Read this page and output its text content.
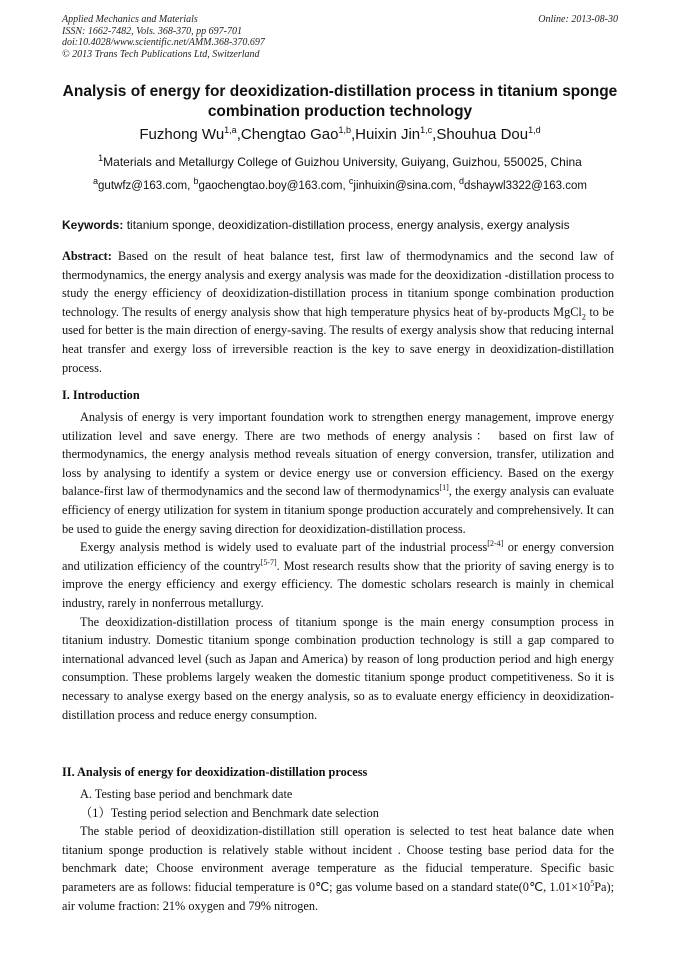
Applied Mechanics and Materials
ISSN: 1662-7482, Vols. 368-370, pp 697-701
doi:10.4028/www.scientific.net/AMM.368-370.697
© 2013 Trans Tech Publications Ltd, Switzerland
Online: 2013-08-30
Analysis of energy for deoxidization-distillation process in titanium sponge combination production technology
Fuzhong Wu$^{1,a}$,Chengtao Gao$^{1,b}$,Huixin Jin$^{1,c}$,Shouhua Dou$^{1,d}$
$^1$Materials and Metallurgy College of Guizhou University, Guiyang, Guizhou, 550025, China
$^a$gutwfz@163.com, $^b$gaochengtao.boy@163.com, $^c$jinhuixin@sina.com, $^d$dshaywl3322@163.com
Keywords: titanium sponge, deoxidization-distillation process, energy analysis, exergy analysis

Abstract: Based on the result of heat balance test, first law of thermodynamics and the second law of thermodynamics, the energy analysis and exergy analysis was made for the deoxidization -distillation process to study the energy efficiency of deoxidization-distillation process in titanium sponge combination production technology. The results of energy analysis show that high temperature physics heat of by-products MgCl$_2$ to be used for better is the main direction of energy-saving. The results of exergy analysis show that reducing internal heat transfer and exergy loss of irreversible reaction is the key to save energy in deoxidization-distillation process.

I. Introduction

Analysis of energy is very important foundation work to strengthen energy management, improve energy utilization level and save energy. There are two methods of energy analysis： based on first law of thermodynamics, the energy analysis method reveals situation of energy conversion, transfer, utilization and loss by analysing to identify a system or device energy use or conversion efficiency. Based on the exergy balance-first law of thermodynamics and the second law of thermodynamics[1], the exergy analysis can evaluate efficiency of energy utilization for system in titanium sponge production accurately and comprehensively. It can be used to guide the energy saving direction for deoxidization-distillation process.

Exergy analysis method is widely used to evaluate part of the industrial process[2-4] or energy conversion and utilization efficiency of the country[5-7]. Most research results show that the priority of saving energy is to improve the energy efficiency and exergy efficiency. The domestic scholars research is mainly in chemical industry, rarely in nonferrous metallurgy.

The deoxidization-distillation process of titanium sponge is the main energy consumption process in titanium industry. Domestic titanium sponge combination production technology is still a gap compared to international advanced level (such as Japan and America) by reason of long production period and high energy consumption. These problems largely weaken the domestic titanium sponge product competitiveness. So it is necessary to analyse exergy based on the energy analysis, so as to evaluate energy efficiency in deoxidization-distillation process and reduce energy consumption.

II. Analysis of energy for deoxidization-distillation process

A. Testing base period and benchmark date

（1）Testing period selection and Benchmark date selection

The stable period of deoxidization-distillation still operation is selected to test heat balance date when titanium sponge production is relatively stable without incident . Choose testing base period data for the benchmark date; Choose environment average temperature as the fiducial temperature. Specific basic parameters are as follows: fiducial temperature is 0℃; gas volume based on a standard state(0℃, 1.01×10$^5$Pa); air volume fraction: 21% oxygen and 79% nitrogen.
